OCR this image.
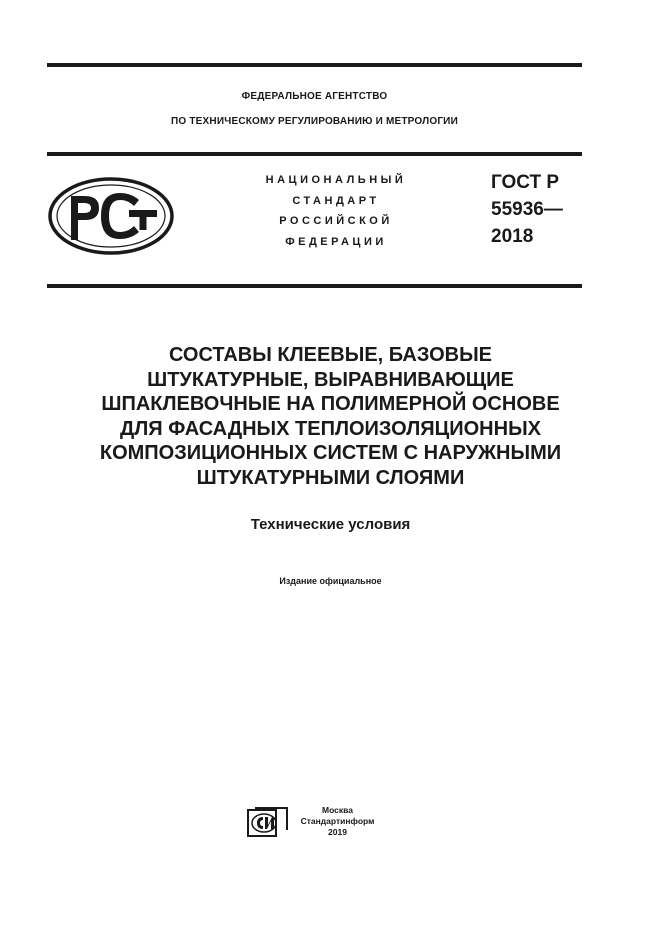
ФЕДЕРАЛЬНОЕ АГЕНТСТВО
ПО ТЕХНИЧЕСКОМУ РЕГУЛИРОВАНИЮ И МЕТРОЛОГИИ
НАЦИОНАЛЬНЫЙ
СТАНДАРТ
РОССИЙСКОЙ
ФЕДЕРАЦИИ
ГОСТ Р
55936—
2018
СОСТАВЫ КЛЕЕВЫЕ, БАЗОВЫЕ
ШТУКАТУРНЫЕ, ВЫРАВНИВАЮЩИЕ
ШПАКЛЕВОЧНЫЕ НА ПОЛИМЕРНОЙ ОСНОВЕ
ДЛЯ ФАСАДНЫХ ТЕПЛОИЗОЛЯЦИОННЫХ
КОМПОЗИЦИОННЫХ СИСТЕМ С НАРУЖНЫМИ
ШТУКАТУРНЫМИ СЛОЯМИ
Технические условия
Издание официальное
Москва
Стандартинформ
2019
